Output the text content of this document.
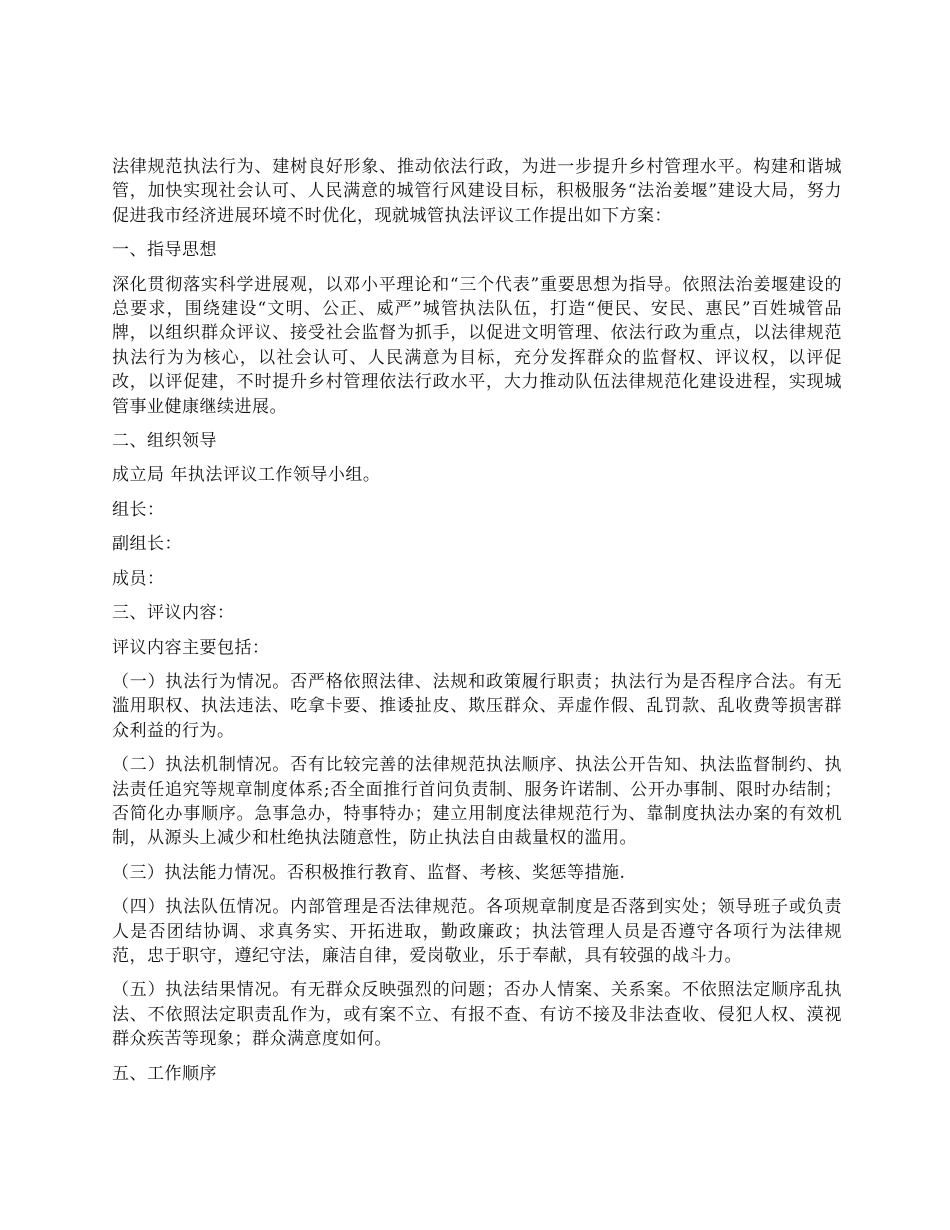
法律规范执法行为、建树良好形象、推动依法行政，为进一步提升乡村管理水平。构建和谐城管，加快实现社会认可、人民满意的城管行风建设目标，积极服务“法治姜堰”建设大局，努力促进我市经济进展环境不时优化，现就城管执法评议工作提出如下方案：

一、指导思想

深化贯彻落实科学进展观，以邓小平理论和“三个代表”重要思想为指导。依照法治姜堰建设的总要求，围绕建设“文明、公正、威严”城管执法队伍，打造“便民、安民、惠民”百姓城管品牌，以组织群众评议、接受社会监督为抓手，以促进文明管理、依法行政为重点，以法律规范执法行为为核心，以社会认可、人民满意为目标，充分发挥群众的监督权、评议权，以评促改，以评促建，不时提升乡村管理依法行政水平，大力推动队伍法律规范化建设进程，实现城管事业健康继续进展。

二、组织领导

成立局 年执法评议工作领导小组。

组长：

副组长：

成员：

三、评议内容：

评议内容主要包括：

（一）执法行为情况。否严格依照法律、法规和政策履行职责；执法行为是否程序合法。有无滥用职权、执法违法、吃拿卡要、推诿扯皮、欺压群众、弄虚作假、乱罚款、乱收费等损害群众利益的行为。

（二）执法机制情况。否有比较完善的法律规范执法顺序、执法公开告知、执法监督制约、执法责任追究等规章制度体系;否全面推行首问负责制、服务许诺制、公开办事制、限时办结制；否简化办事顺序。急事急办，特事特办；建立用制度法律规范行为、靠制度执法办案的有效机制，从源头上减少和杜绝执法随意性，防止执法自由裁量权的滥用。

（三）执法能力情况。否积极推行教育、监督、考核、奖惩等措施.

（四）执法队伍情况。内部管理是否法律规范。各项规章制度是否落到实处；领导班子或负责人是否团结协调、求真务实、开拓进取，勤政廉政；执法管理人员是否遵守各项行为法律规范，忠于职守，遵纪守法，廉洁自律，爱岗敬业，乐于奉献，具有较强的战斗力。

（五）执法结果情况。有无群众反映强烈的问题；否办人情案、关系案。不依照法定顺序乱执法、不依照法定职责乱作为，或有案不立、有报不查、有访不接及非法查收、侵犯人权、漠视群众疾苦等现象；群众满意度如何。

五、工作顺序
